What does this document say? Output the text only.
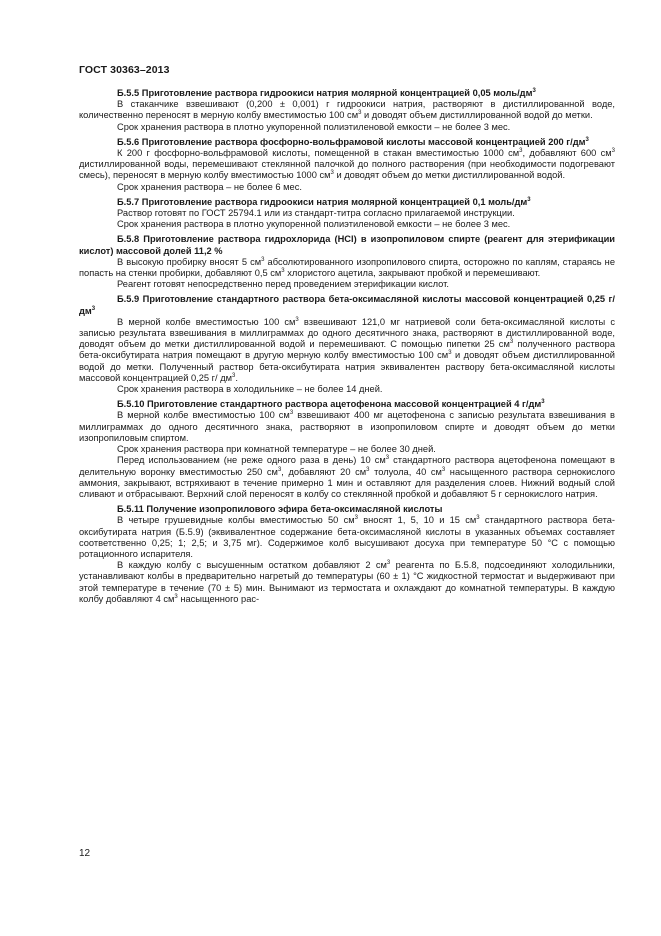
ГОСТ 30363–2013

Б.5.5 Приготовление раствора гидроокиси натрия молярной концентрацией 0,05 моль/$дм^3$

В стаканчике взвешивают (0,200 ± 0,001) г гидроокиси натрия, растворяют в дистиллированной воде, количественно переносят в мерную колбу вместимостью 100 $см^3$ и доводят объем дистиллированной водой до метки.

Срок хранения раствора в плотно укупоренной полиэтиленовой емкости – не более 3 мес.

Б.5.6 Приготовление раствора фосфорно-вольфрамовой кислоты массовой концентрацией 200 $г/дм^3$

К 200 г фосфорно-вольфрамовой кислоты, помещенной в стакан вместимостью 1000 $см^3$, добавляют 600 $см^3$ дистиллированной воды, перемешивают стеклянной палочкой до полного растворения (при необходимости подогревают смесь), переносят в мерную колбу вместимостью 1000 $см^3$ и доводят объем до метки дистиллированной водой.

Срок хранения раствора – не более 6 мес.

Б.5.7 Приготовление раствора гидроокиси натрия молярной концентрацией 0,1 моль/$дм^3$

Раствор готовят по ГОСТ 25794.1 или из стандарт-титра согласно прилагаемой инструкции.

Срок хранения раствора в плотно укупоренной полиэтиленовой емкости – не более 3 мес.

Б.5.8 Приготовление раствора гидрохлорида (HCl) в изопропиловом спирте (реагент для этерификации кислот) массовой долей 11,2 %

В высокую пробирку вносят 5 $см^3$ абсолютированного изопропилового спирта, осторожно по каплям, стараясь не попасть на стенки пробирки, добавляют 0,5 $см^3$ хлористого ацетила, закрывают пробкой и перемешивают.

Реагент готовят непосредственно перед проведением этерификации кислот.

Б.5.9 Приготовление стандартного раствора бета-оксимасляной кислоты массовой концентрацией 0,25 $г/дм^3$

В мерной колбе вместимостью 100 $см^3$ взвешивают 121,0 мг натриевой соли бета-оксимасляной кислоты с записью результата взвешивания в миллиграммах до одного десятичного знака, растворяют в дистиллированной воде, доводят объем до метки дистиллированной водой и перемешивают. С помощью пипетки 25 $см^3$ полученного раствора бета-оксибутирата натрия помещают в другую мерную колбу вместимостью 100 $см^3$ и доводят объем дистиллированной водой до метки. Полученный раствор бета-оксибутирата натрия эквивалентен раствору бета-оксимасляной кислоты массовой концентрацией 0,25 г/ $дм^3$.

Срок хранения раствора в холодильнике – не более 14 дней.

Б.5.10 Приготовление стандартного раствора ацетофенона массовой концентрацией 4 $г/дм^3$

В мерной колбе вместимостью 100 $см^3$ взвешивают 400 мг ацетофенона с записью результата взвешивания в миллиграммах до одного десятичного знака, растворяют в изопропиловом спирте и доводят объем до метки изопропиловым спиртом.

Срок хранения раствора при комнатной температуре – не более 30 дней.

Перед использованием (не реже одного раза в день) 10 $см^3$ стандартного раствора ацетофенона помещают в делительную воронку вместимостью 250 $см^3$, добавляют 20 $см^3$ толуола, 40 $см^3$ насыщенного раствора сернокислого аммония, закрывают, встряхивают в течение примерно 1 мин и оставляют для разделения слоев. Нижний водный слой сливают и отбрасывают. Верхний слой переносят в колбу со стеклянной пробкой и добавляют 5 г сернокислого натрия.

Б.5.11 Получение изопропилового эфира бета-оксимасляной кислоты

В четыре грушевидные колбы вместимостью 50 $см^3$ вносят 1, 5, 10 и 15 $см^3$ стандартного раствора бета-оксибутирата натрия (Б.5.9) (эквивалентное содержание бета-оксимасляной кислоты в указанных объемах составляет соответственно 0,25; 1; 2,5; и 3,75 мг). Содержимое колб высушивают досуха при температуре 50 °С с помощью ротационного испарителя.

В каждую колбу с высушенным остатком добавляют 2 $см^3$ реагента по Б.5.8, подсоединяют холодильники, устанавливают колбы в предварительно нагретый до температуры (60 ± 1) °С жидкостной термостат и выдерживают при этой температуре в течение (70 ± 5) мин. Вынимают из термостата и охлаждают до комнатной температуры. В каждую колбу добавляют 4 $см^3$ насыщенного рас-

12
